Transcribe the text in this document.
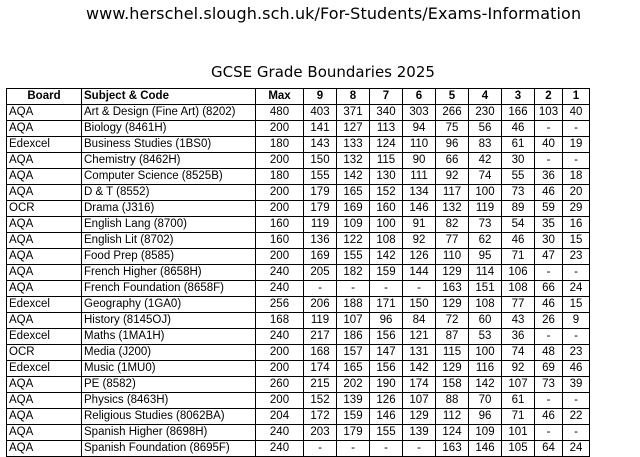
www.herschel.slough.sch.uk/For-Students/Exams-Information
GCSE Grade Boundaries 2025
Board	Subject & Code	Max	9	8	7	6	5	4	3	2	1
AQA	Art & Design (Fine Art) (8202)	480	403	371	340	303	266	230	166	103	40
AQA	Biology (8461H)	200	141	127	113	94	75	56	46	-	-
Edexcel	Business Studies (1BS0)	180	143	133	124	110	96	83	61	40	19
AQA	Chemistry (8462H)	200	150	132	115	90	66	42	30	-	-
AQA	Computer Science (8525B)	180	155	142	130	111	92	74	55	36	18
AQA	D & T (8552)	200	179	165	152	134	117	100	73	46	20
OCR	Drama (J316)	200	179	169	160	146	132	119	89	59	29
AQA	English Lang (8700)	160	119	109	100	91	82	73	54	35	16
AQA	English Lit (8702)	160	136	122	108	92	77	62	46	30	15
AQA	Food Prep (8585)	200	169	155	142	126	110	95	71	47	23
AQA	French Higher (8658H)	240	205	182	159	144	129	114	106	-	-
AQA	French Foundation (8658F)	240	-	-	-	-	163	151	108	66	24
Edexcel	Geography (1GA0)	256	206	188	171	150	129	108	77	46	15
AQA	History (8145OJ)	168	119	107	96	84	72	60	43	26	9
Edexcel	Maths (1MA1H)	240	217	186	156	121	87	53	36	-	-
OCR	Media (J200)	200	168	157	147	131	115	100	74	48	23
Edexcel	Music (1MU0)	200	174	165	156	142	129	116	92	69	46
AQA	PE (8582)	260	215	202	190	174	158	142	107	73	39
AQA	Physics (8463H)	200	152	139	126	107	88	70	61	-	-
AQA	Religious Studies (8062BA)	204	172	159	146	129	112	96	71	46	22
AQA	Spanish Higher (8698H)	240	203	179	155	139	124	109	101	-	-
AQA	Spanish Foundation (8695F)	240	-	-	-	-	163	146	105	64	24
